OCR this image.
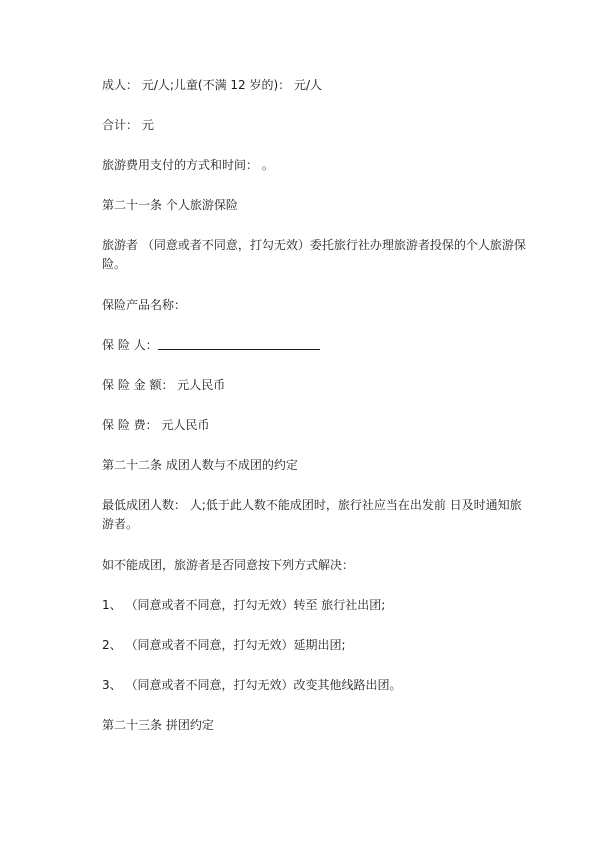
成人： 元/人;儿童(不满 12 岁的)： 元/人
合计： 元
旅游费用支付的方式和时间： 。
第二十一条 个人旅游保险
旅游者 （同意或者不同意，打勾无效）委托旅行社办理旅游者投保的个人旅游保险。
保险产品名称：
保 险 人：
保 险 金 额： 元人民币
保 险 费： 元人民币
第二十二条 成团人数与不成团的约定
最低成团人数： 人;低于此人数不能成团时，旅行社应当在出发前 日及时通知旅游者。
如不能成团，旅游者是否同意按下列方式解决：
1、 （同意或者不同意，打勾无效）转至 旅行社出团;
2、 （同意或者不同意，打勾无效）延期出团;
3、 （同意或者不同意，打勾无效）改变其他线路出团。
第二十三条 拼团约定
